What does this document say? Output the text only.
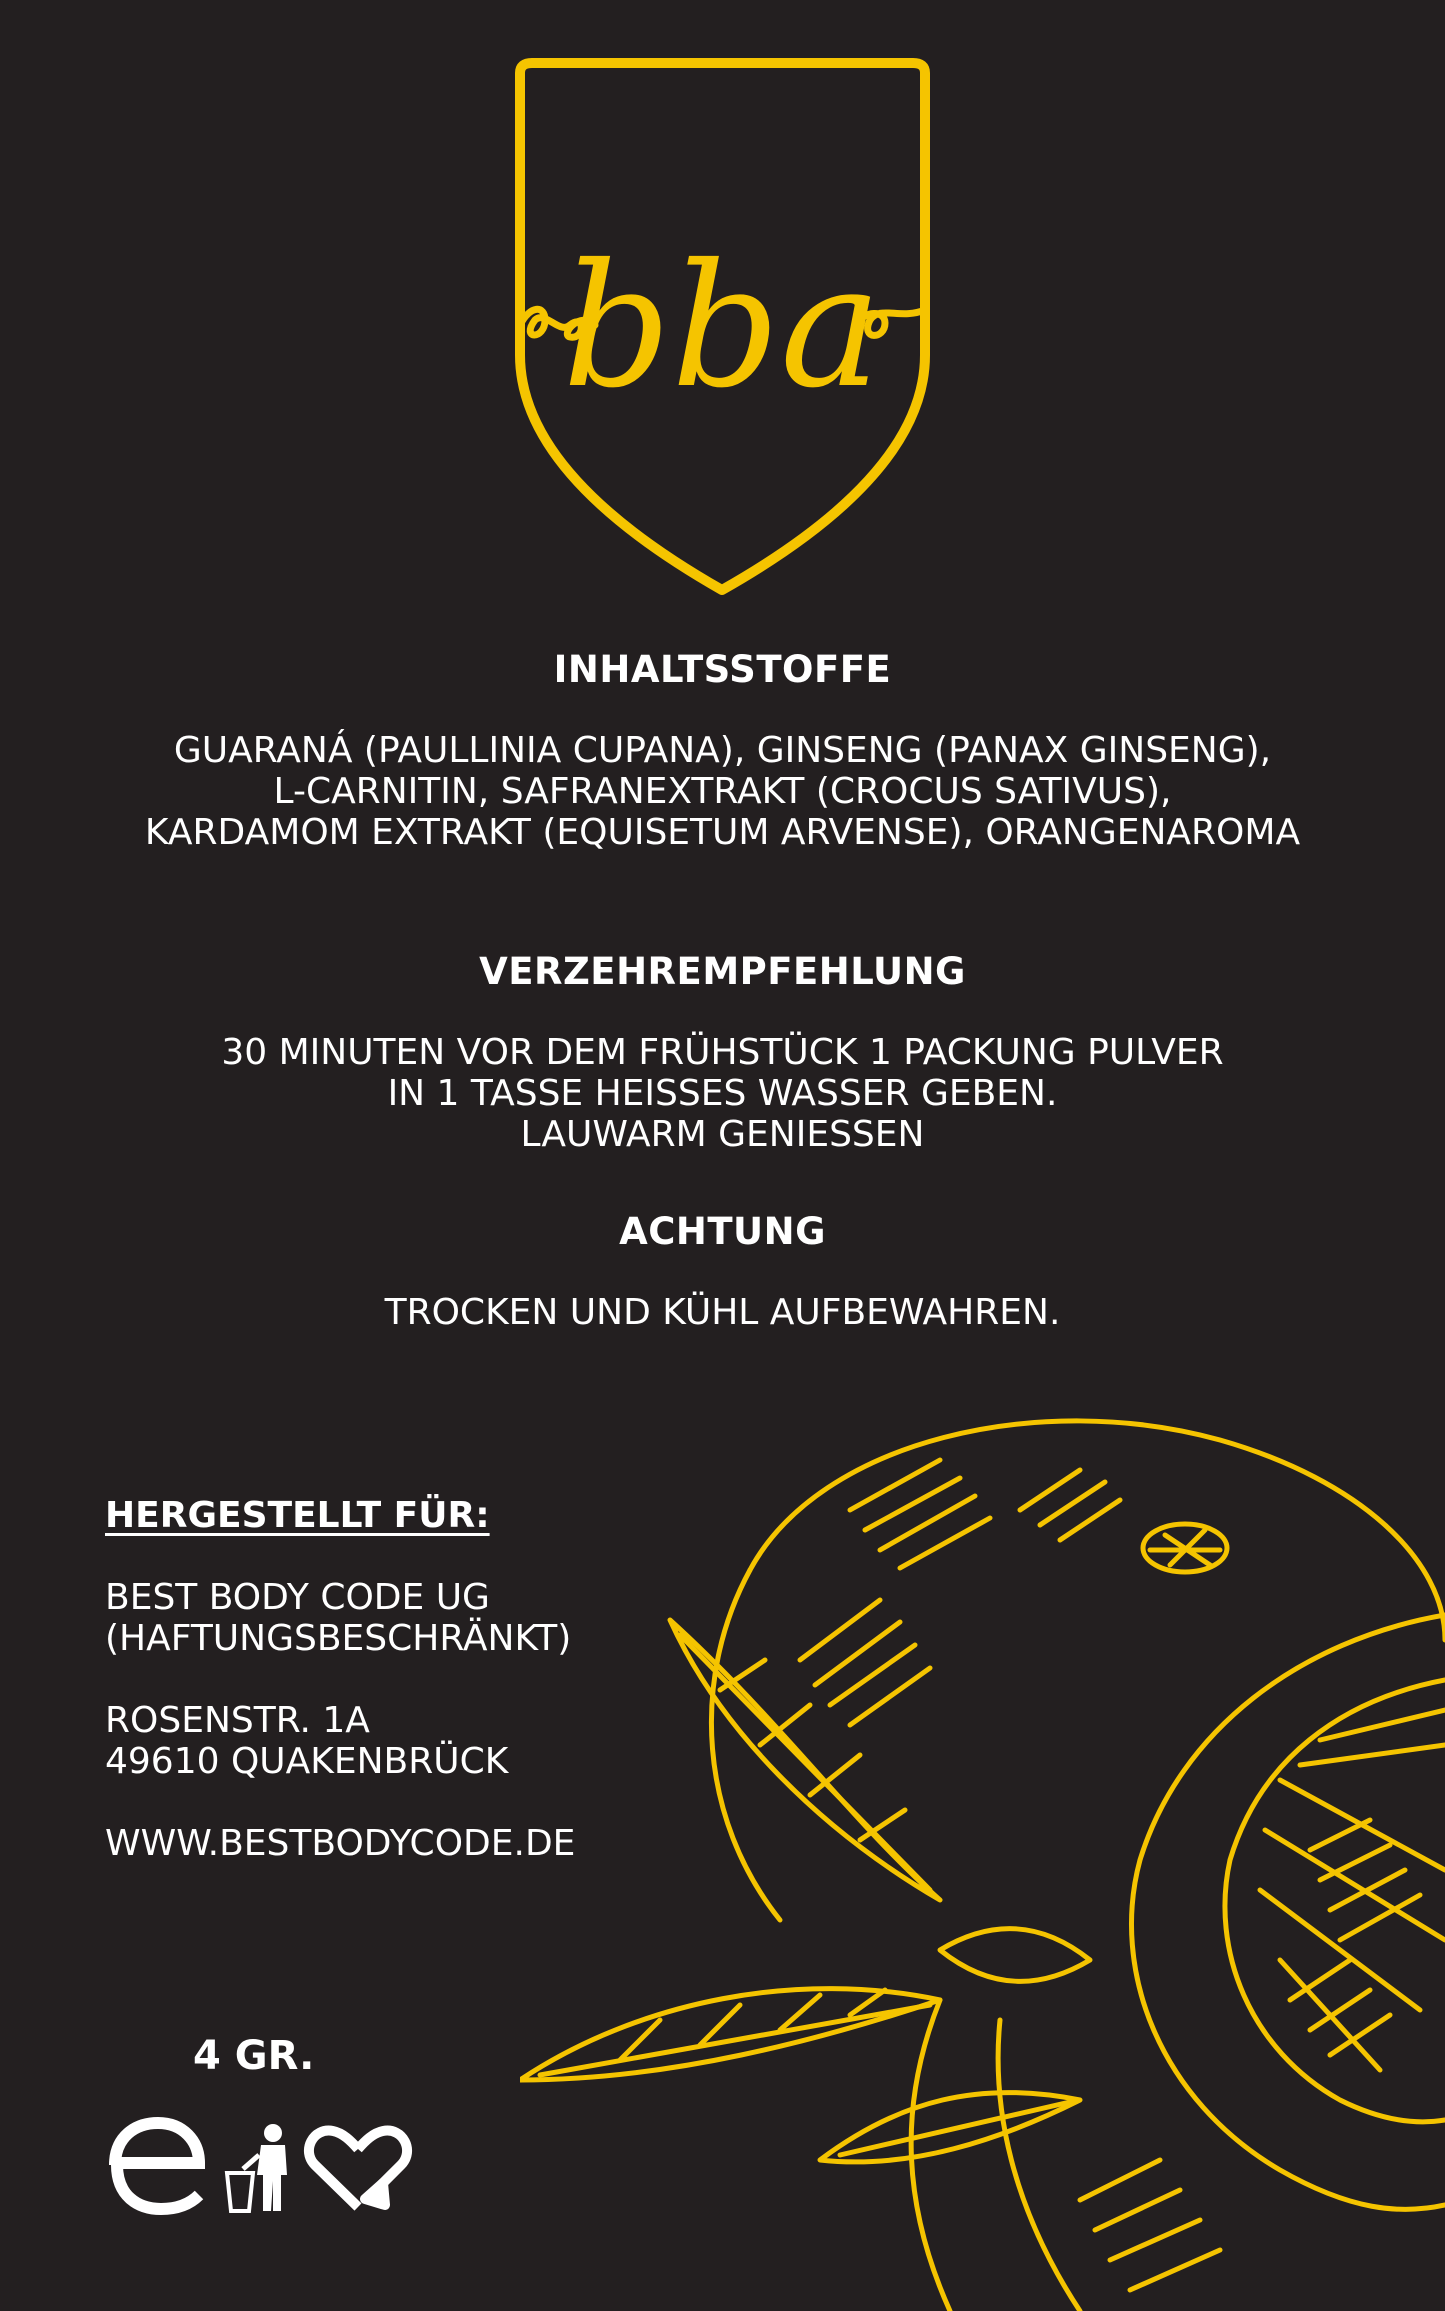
bba
INHALTSSTOFFE
GUARANÁ (PAULLINIA CUPANA), GINSENG (PANAX GINSENG),
L-CARNITIN, SAFRANEXTRAKT (CROCUS SATIVUS),
KARDAMOM EXTRAKT (EQUISETUM ARVENSE), ORANGENAROMA
VERZEHREMPFEHLUNG
30 MINUTEN VOR DEM FRÜHSTÜCK 1 PACKUNG PULVER
IN 1 TASSE HEISSES WASSER GEBEN.
LAUWARM GENIESSEN
ACHTUNG
TROCKEN UND KÜHL AUFBEWAHREN.
HERGESTELLT FÜR:
BEST BODY CODE UG
(HAFTUNGSBESCHRÄNKT)
ROSENSTR. 1A
49610 QUAKENBRÜCK
WWW.BESTBODYCODE.DE
4 GR.
